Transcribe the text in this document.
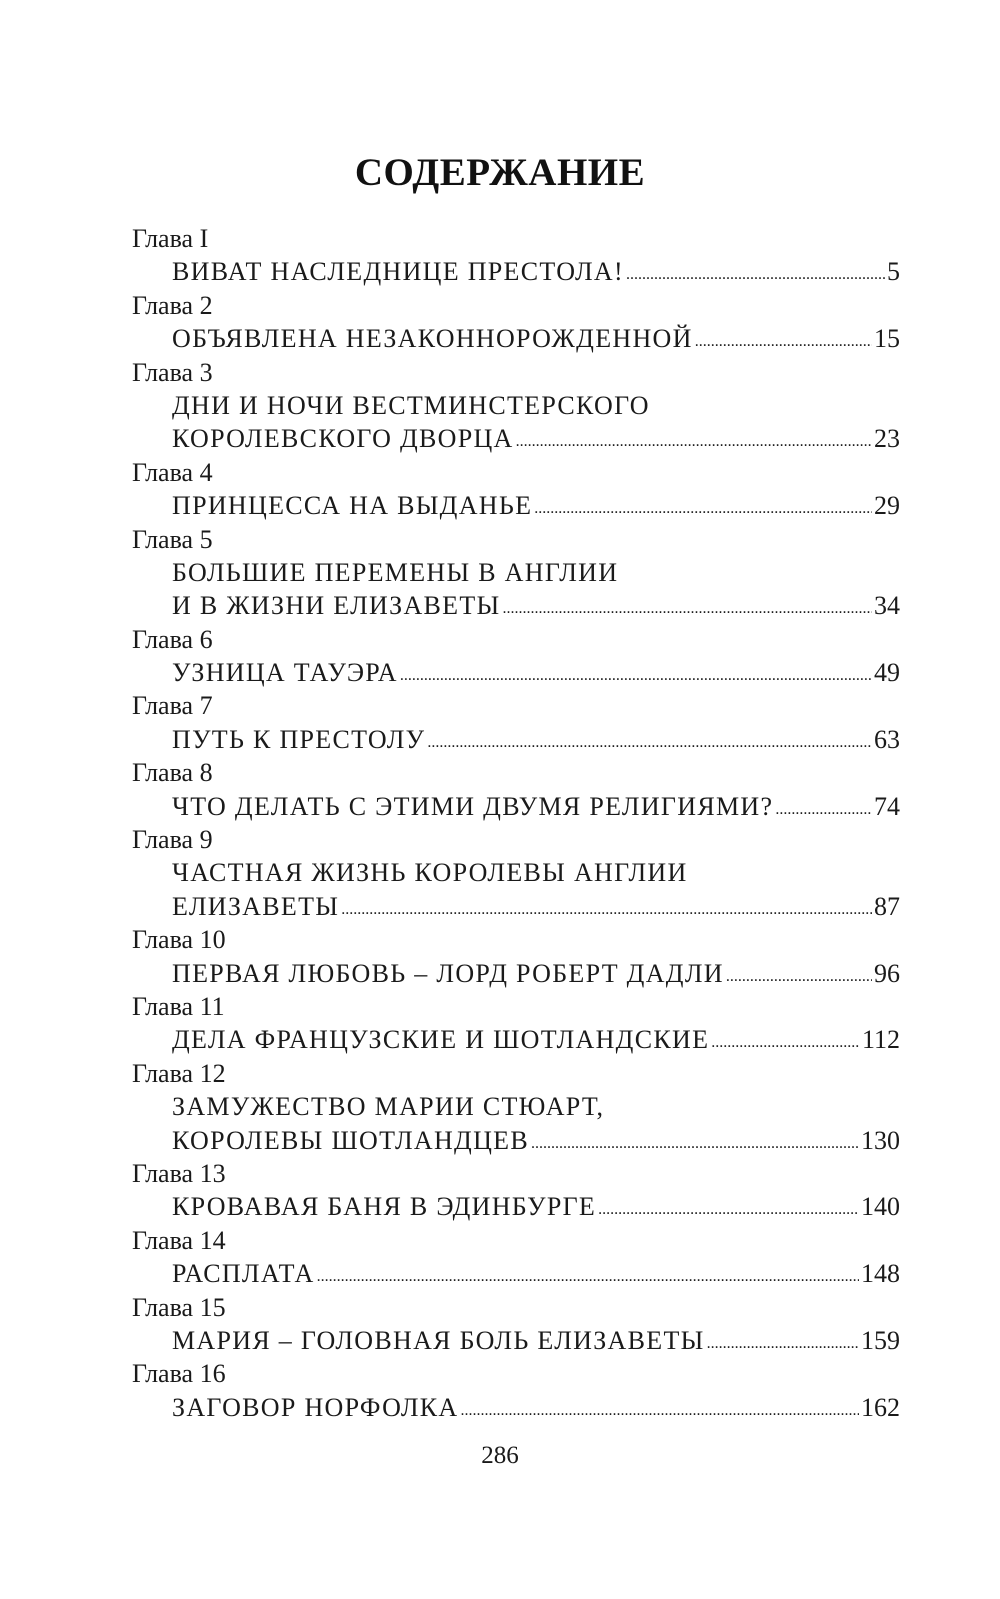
СОДЕРЖАНИЕ
Глава I
ВИВАТ НАСЛЕДНИЦЕ ПРЕСТОЛА! .....	5
Глава 2
ОБЪЯВЛЕНА НЕЗАКОННОРОЖДЕННОЙ .....	15
Глава 3
ДНИ И НОЧИ ВЕСТМИНСТЕРСКОГО
КОРОЛЕВСКОГО ДВОРЦА .....	23
Глава 4
ПРИНЦЕССА НА ВЫДАНЬЕ .....	29
Глава 5
БОЛЬШИЕ ПЕРЕМЕНЫ В АНГЛИИ
И В ЖИЗНИ ЕЛИЗАВЕТЫ .....	34
Глава 6
УЗНИЦА ТАУЭРА .....	49
Глава 7
ПУТЬ К ПРЕСТОЛУ .....	63
Глава 8
ЧТО ДЕЛАТЬ С ЭТИМИ ДВУМЯ РЕЛИГИЯМИ? .....	74
Глава 9
ЧАСТНАЯ ЖИЗНЬ КОРОЛЕВЫ АНГЛИИ
ЕЛИЗАВЕТЫ .....	87
Глава 10
ПЕРВАЯ ЛЮБОВЬ – ЛОРД РОБЕРТ ДАДЛИ .....	96
Глава 11
ДЕЛА ФРАНЦУЗСКИЕ И ШОТЛАНДСКИЕ .....	112
Глава 12
ЗАМУЖЕСТВО МАРИИ СТЮАРТ,
КОРОЛЕВЫ ШОТЛАНДЦЕВ .....	130
Глава 13
КРОВАВАЯ БАНЯ В ЭДИНБУРГЕ .....	140
Глава 14
РАСПЛАТА .....	148
Глава 15
МАРИЯ – ГОЛОВНАЯ БОЛЬ ЕЛИЗАВЕТЫ .....	159
Глава 16
ЗАГОВОР НОРФОЛКА .....	162
286
